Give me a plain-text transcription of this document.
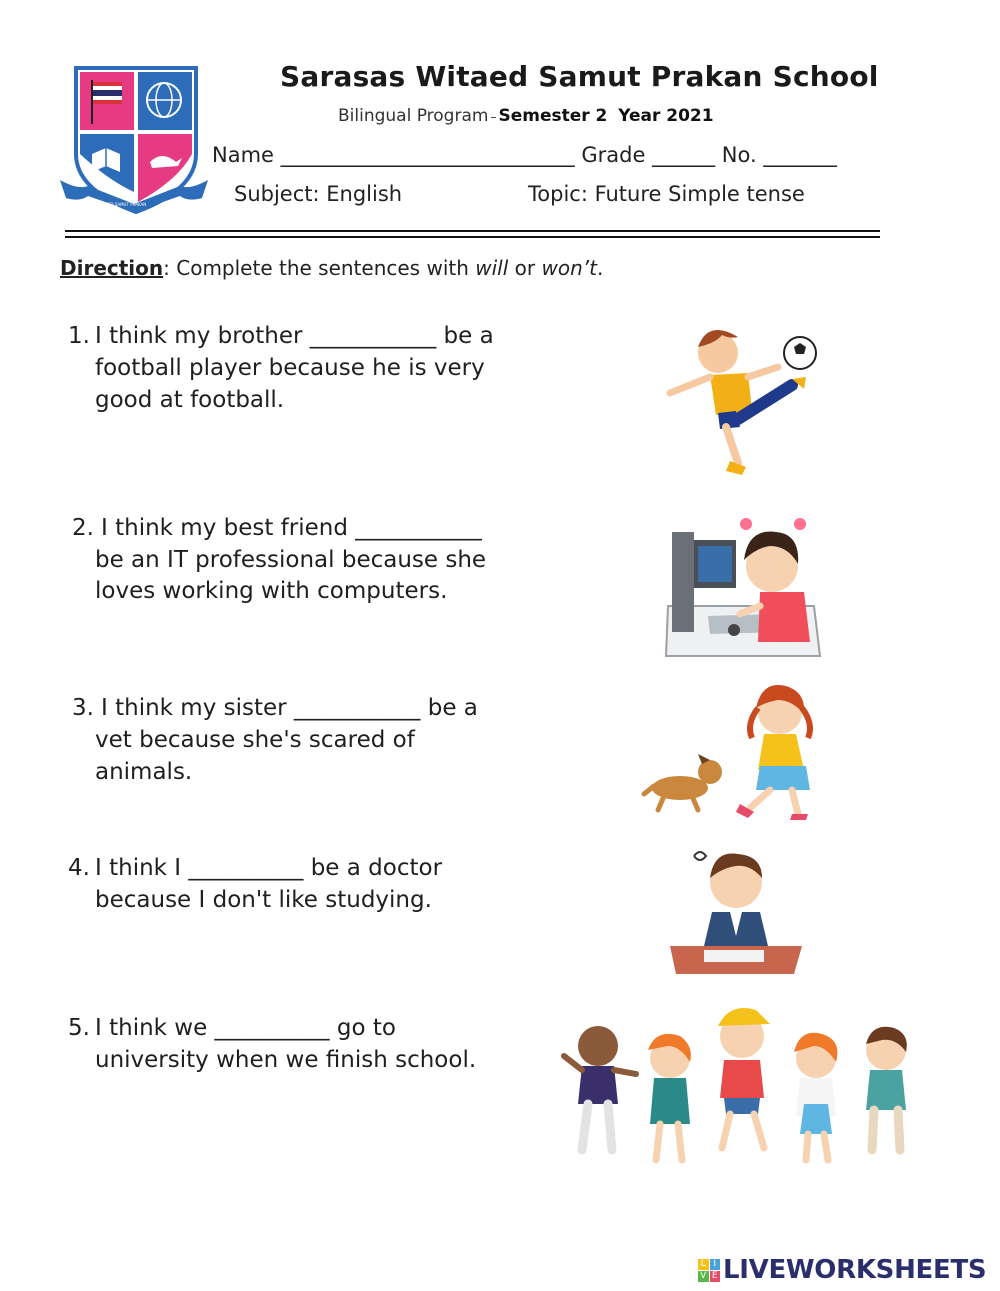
SARASAS WITAED SAMUT PRAKAN
Sarasas Witaed Samut Prakan School
Bilingual Program – Semester 2 Year 2021
Name ____________________________ Grade ______ No. _______
Subject: English	Topic: Future Simple tense
Direction: Complete the sentences with will or won’t.
1. I think my brother ___________ be a
football player because he is very
good at football.
2. I think my best friend ___________
be an IT professional because she
loves working with computers.
3. I think my sister ___________ be a
vet because she's scared of
animals.
4. I think I __________ be a doctor
because I don't like studying.
5. I think we __________ go to
university when we finish school.
L I
V E LIVEWORKSHEETS
